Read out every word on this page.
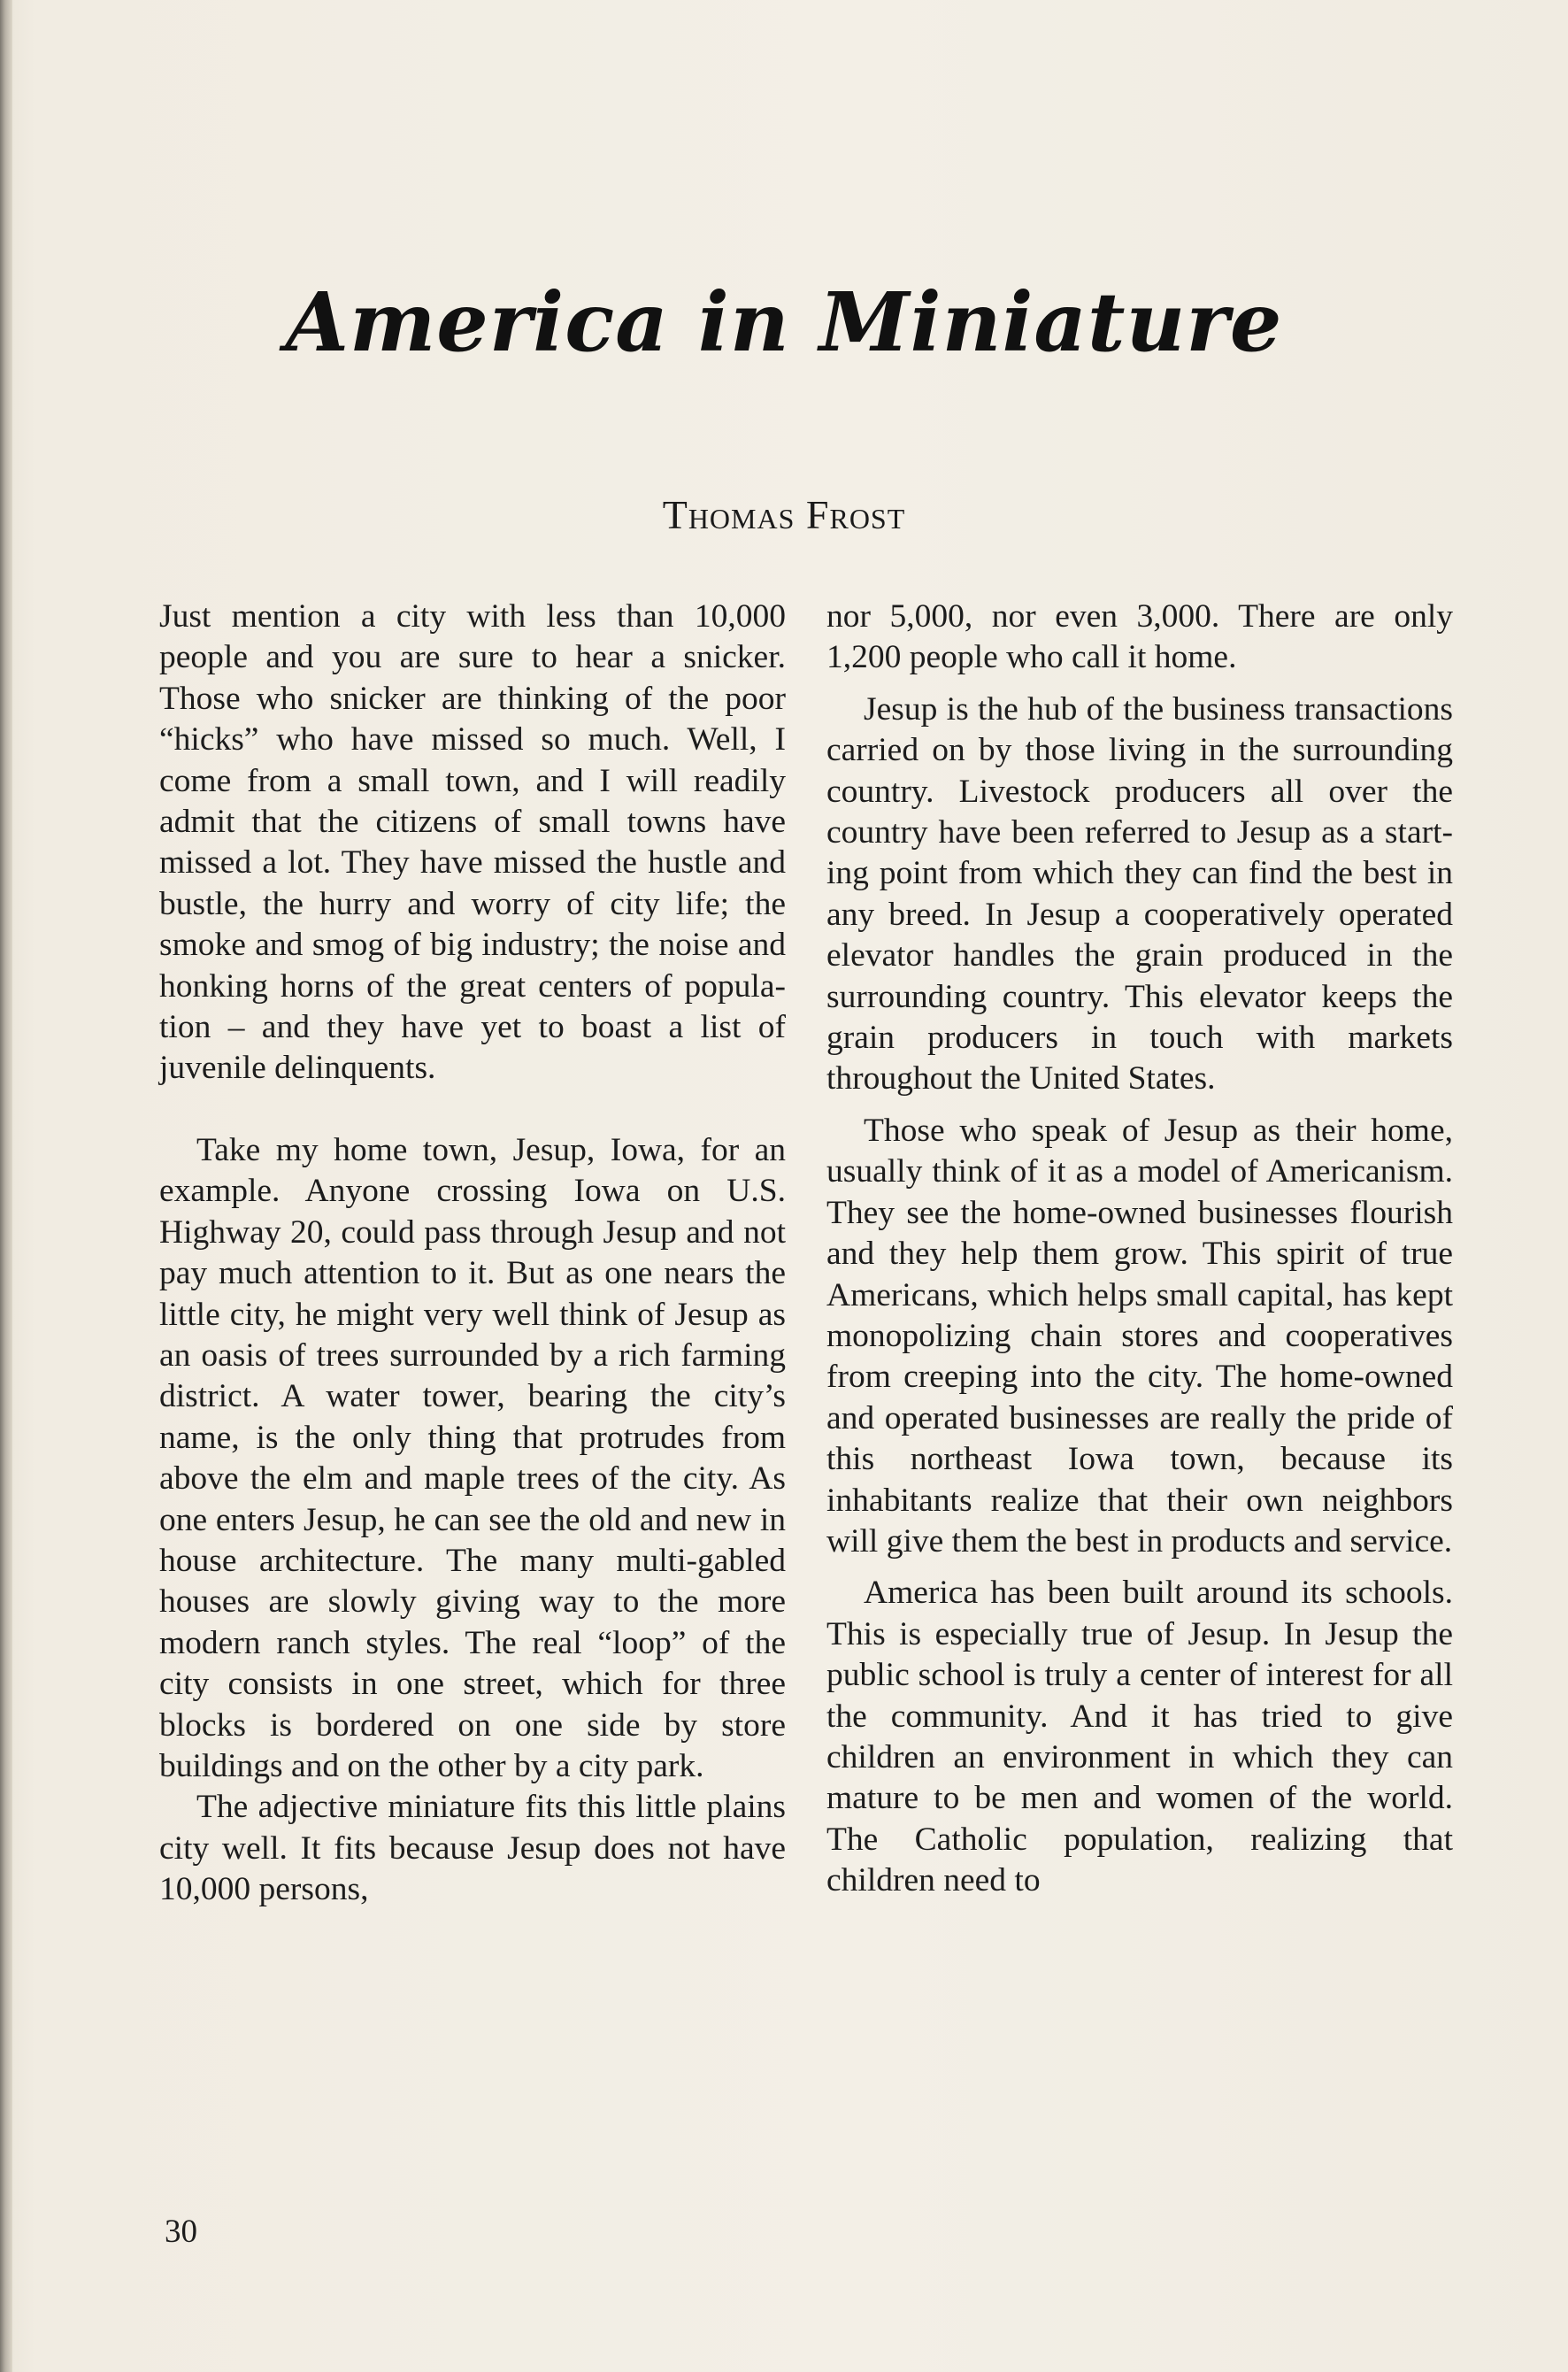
America in Miniature
Thomas Frost

Just mention a city with less than 10,000 people and you are sure to hear a snicker. Those who snicker are thinking of the poor “hicks” who have missed so much. Well, I come from a small town, and I will readily admit that the citizens of small towns have missed a lot. They have missed the hustle and bustle, the hurry and worry of city life; the smoke and smog of big industry; the noise and honking horns of the great centers of population – and they have yet to boast a list of juvenile delinquents.

Take my home town, Jesup, Iowa, for an example. Anyone crossing Iowa on U.S. Highway 20, could pass through Jesup and not pay much attention to it. But as one nears the little city, he might very well think of Jesup as an oasis of trees surrounded by a rich farming district. A water tower, bearing the city’s name, is the only thing that protrudes from above the elm and maple trees of the city. As one enters Jesup, he can see the old and new in house architecture. The many multi-gabled houses are slowly giving way to the more modern ranch styles. The real “loop” of the city consists in one street, which for three blocks is bordered on one side by store buildings and on the other by a city park.

The adjective miniature fits this little plains city well. It fits because Jesup does not have 10,000 persons,

nor 5,000, nor even 3,000. There are only 1,200 people who call it home.

Jesup is the hub of the business transactions carried on by those living in the surrounding country. Livestock producers all over the country have been referred to Jesup as a starting point from which they can find the best in any breed. In Jesup a cooperatively operated elevator handles the grain produced in the surrounding country. This elevator keeps the grain producers in touch with markets throughout the United States.

Those who speak of Jesup as their home, usually think of it as a model of Americanism. They see the home-owned businesses flourish and they help them grow. This spirit of true Americans, which helps small capital, has kept monopolizing chain stores and cooperatives from creeping into the city. The home-owned and operated businesses are really the pride of this northeast Iowa town, because its inhabitants realize that their own neighbors will give them the best in products and service.

America has been built around its schools. This is especially true of Jesup. In Jesup the public school is truly a center of interest for all the community. And it has tried to give children an environment in which they can mature to be men and women of the world. The Catholic population, realizing that children need to

30
